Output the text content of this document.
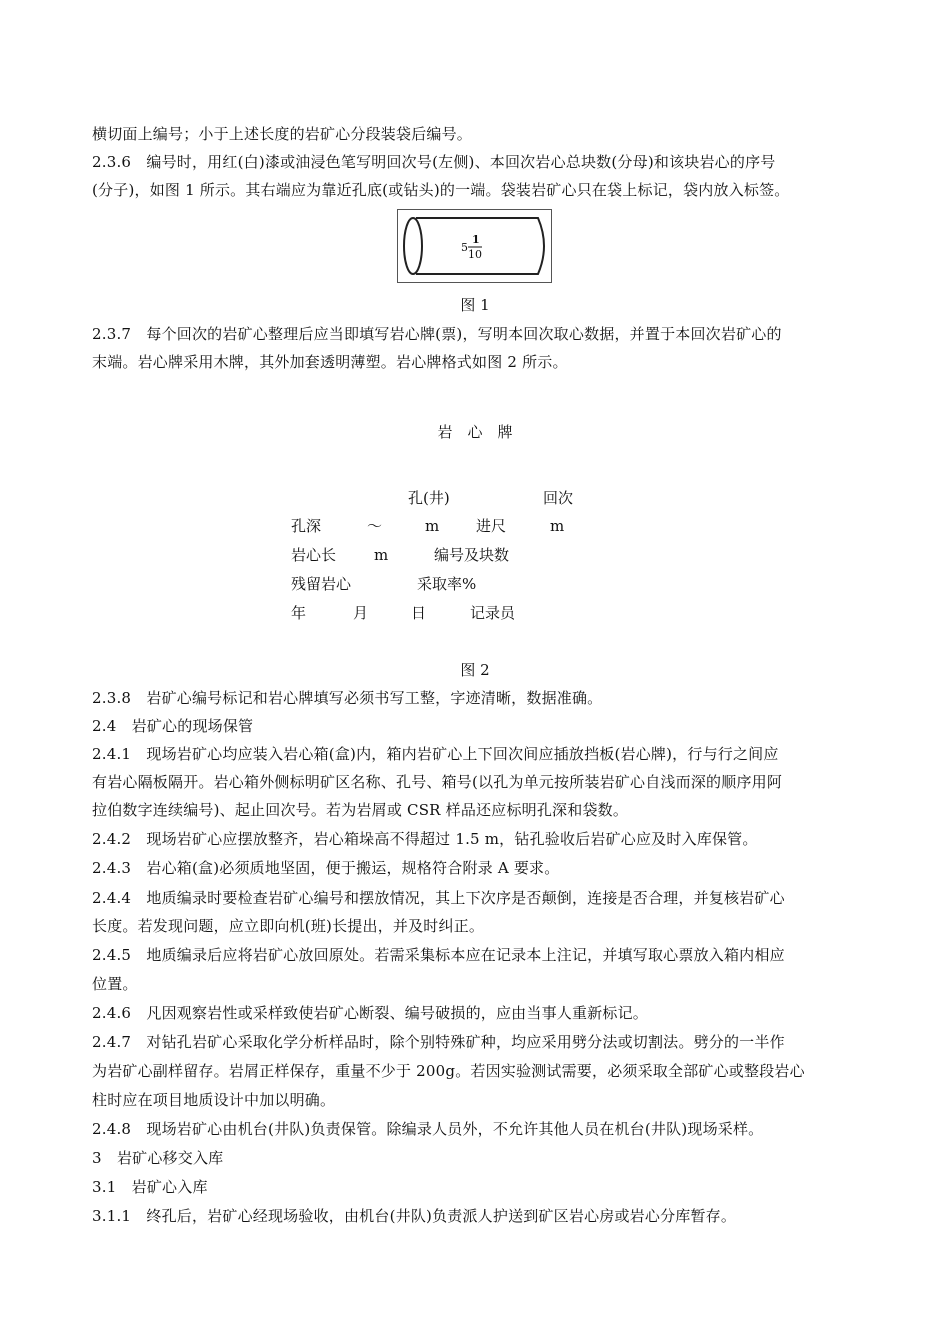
横切面上编号；小于上述长度的岩矿心分段装袋后编号。
2.3.6　编号时，用红(白)漆或油浸色笔写明回次号(左侧)、本回次岩心总块数(分母)和该块岩心的序号
(分子)，如图 1 所示。其右端应为靠近孔底(或钻头)的一端。袋装岩矿心只在袋上标记，袋内放入标签。
5
1
10
图 1
2.3.7　每个回次的岩矿心整理后应当即填写岩心牌(票)，写明本回次取心数据，并置于本回次岩矿心的
末端。岩心牌采用木牌，其外加套透明薄塑。岩心牌格式如图 2 所示。
岩　心　牌
孔(井)	回次
孔深	～	m 进尺	m
岩心长	m	编号及块数
残留岩心	采取率%
年	月	日	记录员
图 2
2.3.8　岩矿心编号标记和岩心牌填写必须书写工整，字迹清晰，数据准确。
2.4　岩矿心的现场保管
2.4.1　现场岩矿心均应装入岩心箱(盒)内，箱内岩矿心上下回次间应插放挡板(岩心牌)，行与行之间应
有岩心隔板隔开。岩心箱外侧标明矿区名称、孔号、箱号(以孔为单元按所装岩矿心自浅而深的顺序用阿
拉伯数字连续编号)、起止回次号。若为岩屑或 CSR 样品还应标明孔深和袋数。
2.4.2　现场岩矿心应摆放整齐，岩心箱垛高不得超过 1.5 m，钻孔验收后岩矿心应及时入库保管。
2.4.3　岩心箱(盒)必须质地坚固，便于搬运，规格符合附录 A 要求。
2.4.4　地质编录时要检查岩矿心编号和摆放情况，其上下次序是否颠倒，连接是否合理，并复核岩矿心
长度。若发现问题，应立即向机(班)长提出，并及时纠正。
2.4.5　地质编录后应将岩矿心放回原处。若需采集标本应在记录本上注记，并填写取心票放入箱内相应
位置。
2.4.6　凡因观察岩性或采样致使岩矿心断裂、编号破损的，应由当事人重新标记。
2.4.7　对钻孔岩矿心采取化学分析样品时，除个别特殊矿种，均应采用劈分法或切割法。劈分的一半作
为岩矿心副样留存。岩屑正样保存，重量不少于 200g。若因实验测试需要，必须采取全部矿心或整段岩心
柱时应在项目地质设计中加以明确。
2.4.8　现场岩矿心由机台(井队)负责保管。除编录人员外，不允许其他人员在机台(井队)现场采样。
3　岩矿心移交入库
3.1　岩矿心入库
3.1.1　终孔后，岩矿心经现场验收，由机台(井队)负责派人护送到矿区岩心房或岩心分库暂存。
